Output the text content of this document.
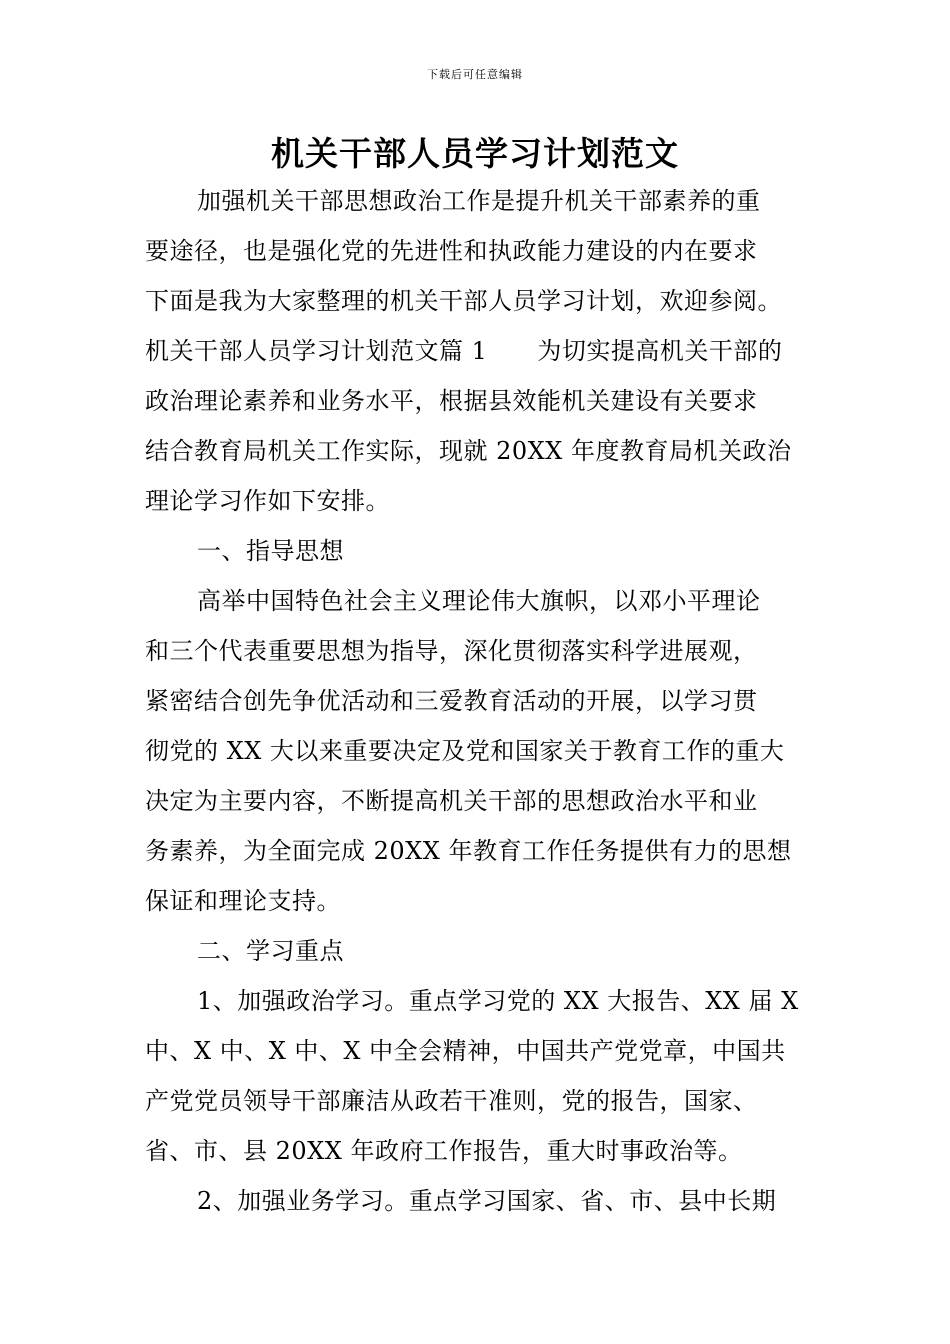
下载后可任意编辑
机关干部人员学习计划范文
加强机关干部思想政治工作是提升机关干部素养的重
要途径，也是强化党的先进性和执政能力建设的内在要求
下面是我为大家整理的机关干部人员学习计划，欢迎参阅。
机关干部人员学习计划范文篇 1 为切实提高机关干部的
政治理论素养和业务水平，根据县效能机关建设有关要求
结合教育局机关工作实际，现就 20XX 年度教育局机关政治
理论学习作如下安排。
一、指导思想
高举中国特色社会主义理论伟大旗帜，以邓小平理论
和三个代表重要思想为指导，深化贯彻落实科学进展观，
紧密结合创先争优活动和三爱教育活动的开展，以学习贯
彻党的 XX 大以来重要决定及党和国家关于教育工作的重大
决定为主要内容，不断提高机关干部的思想政治水平和业
务素养，为全面完成 20XX 年教育工作任务提供有力的思想
保证和理论支持。
二、学习重点
1、加强政治学习。重点学习党的 XX 大报告、XX 届 X
中、X 中、X 中、X 中全会精神，中国共产党党章，中国共
产党党员领导干部廉洁从政若干准则，党的报告，国家、
省、市、县 20XX 年政府工作报告，重大时事政治等。
2、加强业务学习。重点学习国家、省、市、县中长期
